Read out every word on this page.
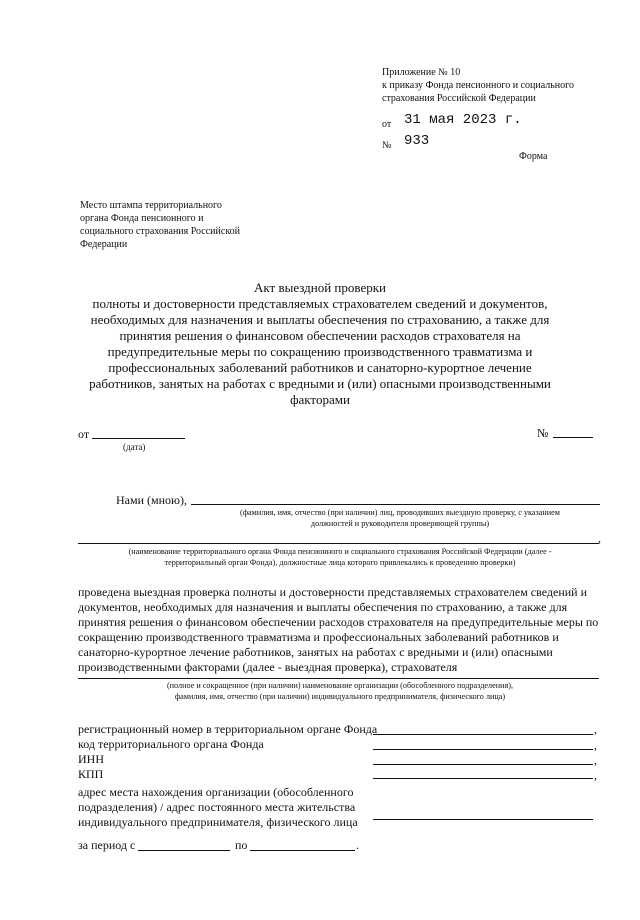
Приложение № 10
к приказу Фонда пенсионного и социального
страхования Российской Федерации
от 31 мая 2023 г.
№ 933
Форма
Место штампа территориального
органа Фонда пенсионного и
социального страхования Российской
Федерации
Акт выездной проверки
полноты и достоверности представляемых страхователем сведений и документов,
необходимых для назначения и выплаты обеспечения по страхованию, а также для
принятия решения о финансовом обеспечении расходов страхователя на
предупредительные меры по сокращению производственного травматизма и
профессиональных заболеваний работников и санаторно-курортное лечение
работников, занятых на работах с вредными и (или) опасными производственными
факторами
от
(дата)
№
Нами (мною),
(фамилия, имя, отчество (при наличии) лиц, проводивших выездную проверку, с указанием
должностей и руководителя проверяющей группы)
,
(наименование территориального органа Фонда пенсионного и социального страхования Российской Федерации (далее -
территориальный орган Фонда), должностные лица которого привлекались к проведению проверки)
проведена выездная проверка полноты и достоверности представляемых страхователем сведений и
документов, необходимых для назначения и выплаты обеспечения по страхованию, а также для
принятия решения о финансовом обеспечении расходов страхователя на предупредительные меры по
сокращению производственного травматизма и профессиональных заболеваний работников и
санаторно-курортное лечение работников, занятых на работах с вредными и (или) опасными
производственными факторами (далее - выездная проверка), страхователя
(полное и сокращенное (при наличии) наименование организации (обособленного подразделения),
фамилия, имя, отчество (при наличии) индивидуального предпринимателя, физического лица)
регистрационный номер в территориальном органе Фонда	,
код территориального органа Фонда	,
ИНН	,
КПП	,
адрес места нахождения организации (обособленного
подразделения) / адрес постоянного места жительства
индивидуального предпринимателя, физического лица
за период с	по	.
